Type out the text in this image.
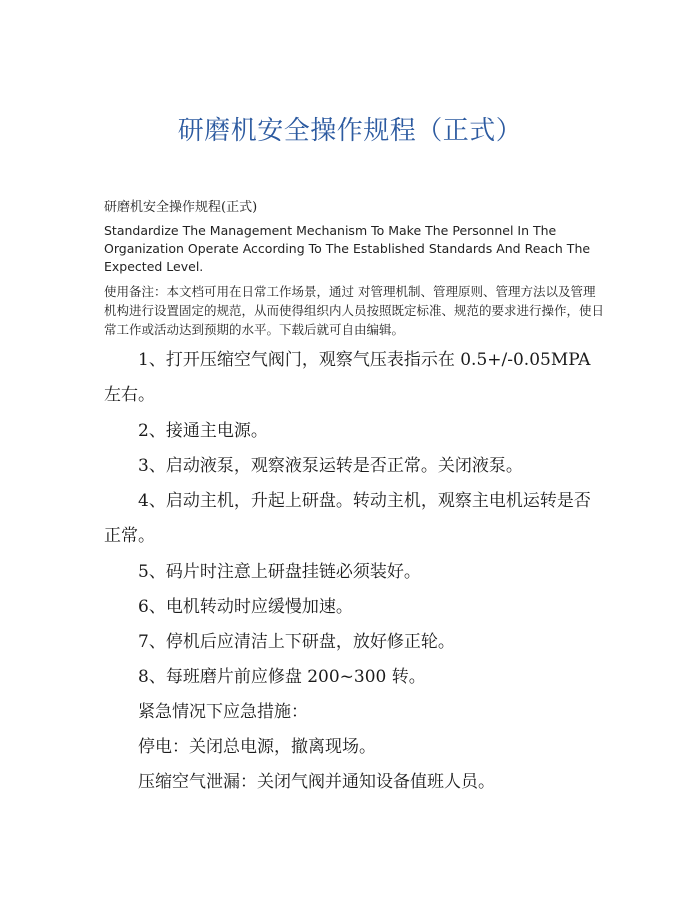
研磨机安全操作规程（正式）
研磨机安全操作规程(正式)
Standardize The Management Mechanism To Make The Personnel In The Organization Operate According To The Established Standards And Reach The Expected Level.
使用备注：本文档可用在日常工作场景，通过 对管理机制、管理原则、管理方法以及管理机构进行设置固定的规范，从而使得组织内人员按照既定标准、规范的要求进行操作，使日常工作或活动达到预期的水平。下载后就可自由编辑。
1、打开压缩空气阀门，观察气压表指示在 0.5+/-0.05MPA左右。
2、接通主电源。
3、启动液泵，观察液泵运转是否正常。关闭液泵。
4、启动主机，升起上研盘。转动主机，观察主电机运转是否正常。
5、码片时注意上研盘挂链必须装好。
6、电机转动时应缓慢加速。
7、停机后应清洁上下研盘，放好修正轮。
8、每班磨片前应修盘 200~300 转。
紧急情况下应急措施：
停电：关闭总电源，撤离现场。
压缩空气泄漏：关闭气阀并通知设备值班人员。
